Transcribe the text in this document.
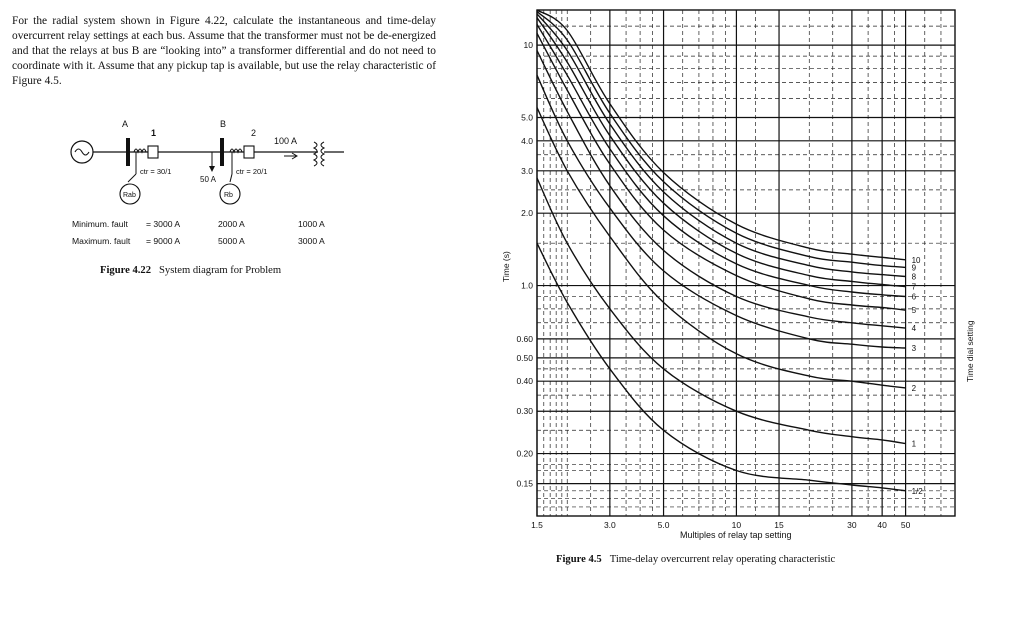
For the radial system shown in Figure 4.22, calculate the instantaneous and time-delay overcurrent relay settings at each bus. Assume that the transformer must not be de-energized and that the relays at bus B are “looking into” a transformer differential and do not need to coordinate with it. Assume that any pickup tap is available, but use the relay characteristic of Figure 4.5.
A
1
ctr = 30/1
Rab
B
50 A
2
ctr = 20/1
Rb
100 A
Minimum. fault = 3000 A	2000 A	1000 A
Maximum. fault = 9000 A	5000 A	3000 A
Figure 4.22 System diagram for Problem
1/2
1
2
3
4
5
6
7
8
9
10
1.5	3.0	5.0	10	15	30 40 50
10
5.0
4.0
3.0
2.0
1.0
0.60
0.50
0.40
0.30
0.20
0.15
Multiples of relay tap setting
Time (s)
Time dial setting
Figure 4.5 Time-delay overcurrent relay operating characteristic
